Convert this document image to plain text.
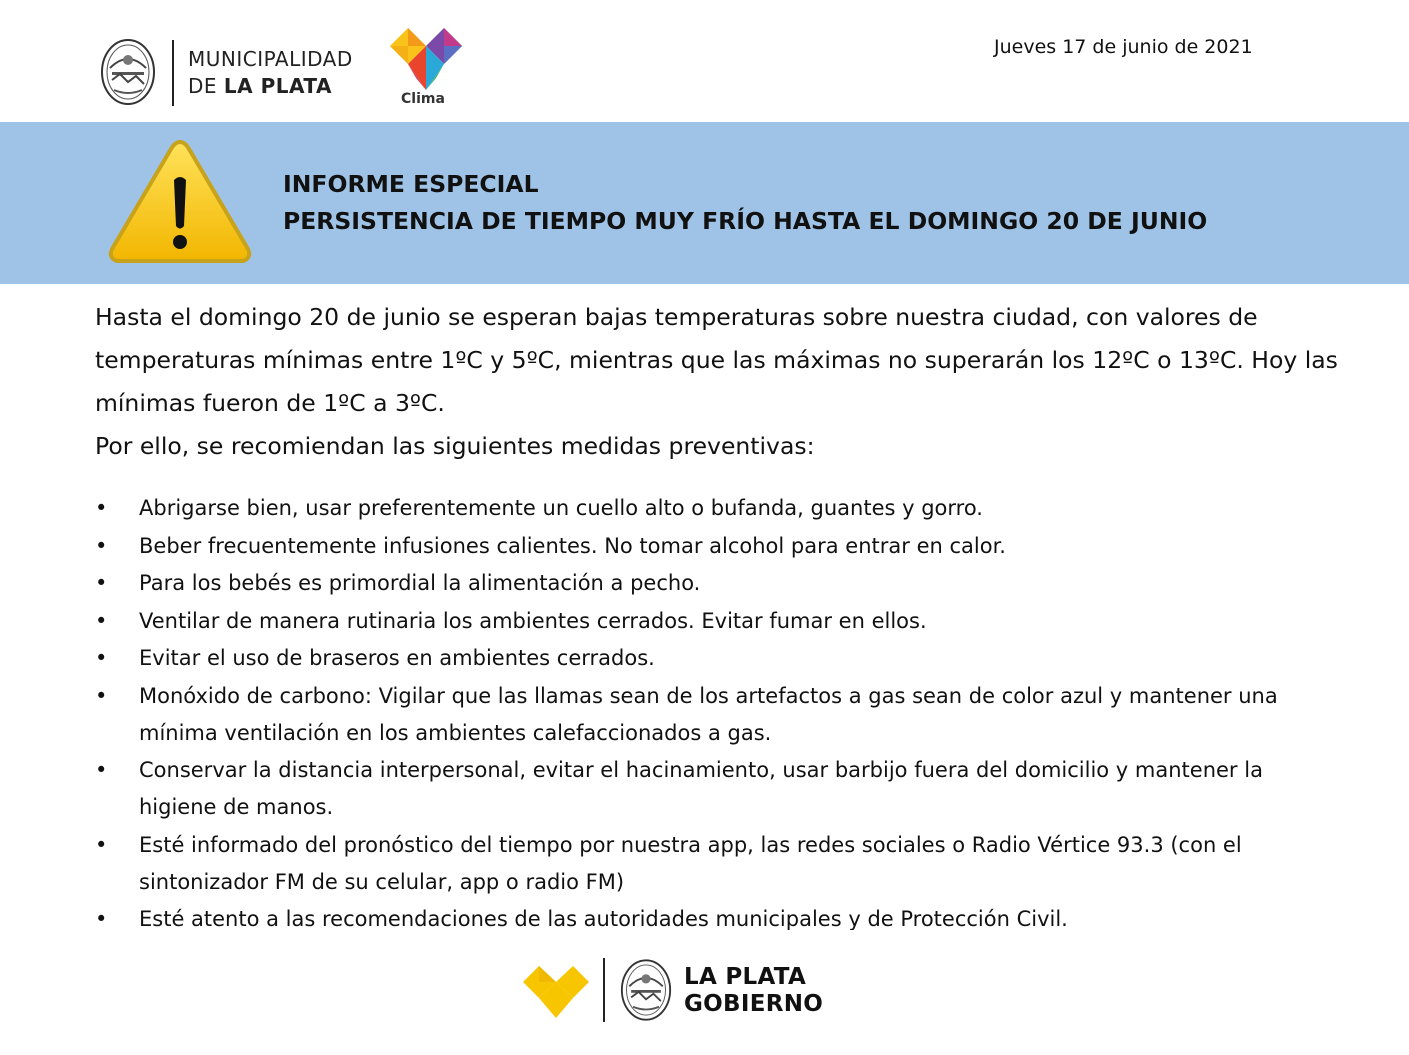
MUNICIPALIDAD
DE LA PLATA
Clima
Jueves 17 de junio de 2021
INFORME ESPECIAL
PERSISTENCIA DE TIEMPO MUY FRÍO HASTA EL DOMINGO 20 DE JUNIO

Hasta el domingo 20 de junio se esperan bajas temperaturas sobre nuestra ciudad, con valores de temperaturas mínimas entre 1ºC y 5ºC, mientras que las máximas no superarán los 12ºC o 13ºC. Hoy las mínimas fueron de 1ºC a 3ºC.

Por ello, se recomiendan las siguientes medidas preventivas:

• Abrigarse bien, usar preferentemente un cuello alto o bufanda, guantes y gorro.
• Beber frecuentemente infusiones calientes. No tomar alcohol para entrar en calor.
• Para los bebés es primordial la alimentación a pecho.
• Ventilar de manera rutinaria los ambientes cerrados. Evitar fumar en ellos.
• Evitar el uso de braseros en ambientes cerrados.
• Monóxido de carbono: Vigilar que las llamas sean de los artefactos a gas sean de color azul y mantener una mínima ventilación en los ambientes calefaccionados a gas.
• Conservar la distancia interpersonal, evitar el hacinamiento, usar barbijo fuera del domicilio y mantener la higiene de manos.
• Esté informado del pronóstico del tiempo por nuestra app, las redes sociales o Radio Vértice 93.3 (con el sintonizador FM de su celular, app o radio FM)
• Esté atento a las recomendaciones de las autoridades municipales y de Protección Civil.
LA PLATA
GOBIERNO
